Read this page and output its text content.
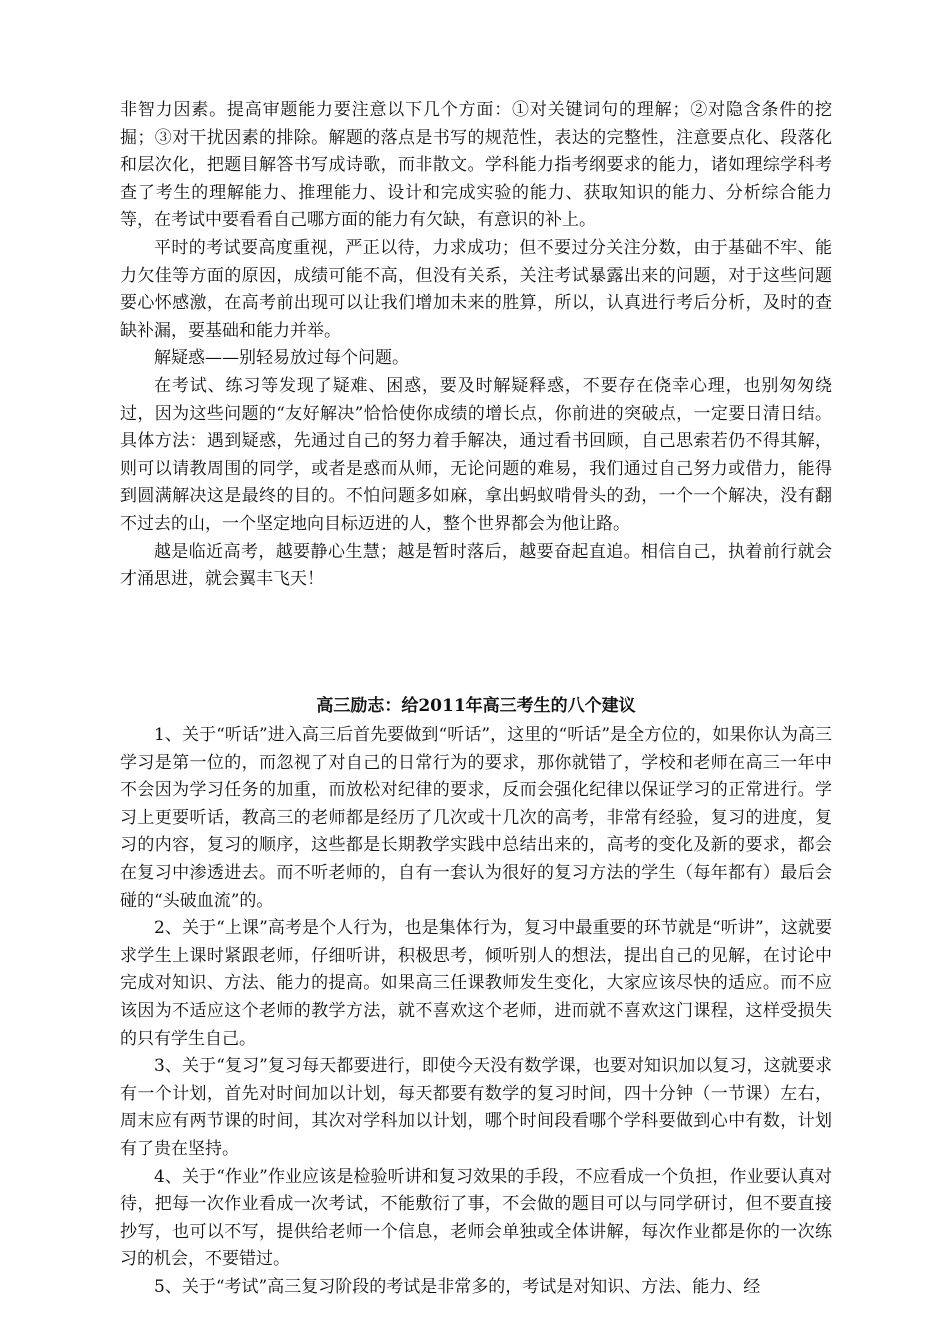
非智力因素。提高审题能力要注意以下几个方面：①对关键词句的理解；②对隐含条件的挖掘；③对干扰因素的排除。解题的落点是书写的规范性，表达的完整性，注意要点化、段落化和层次化，把题目解答书写成诗歌，而非散文。学科能力指考纲要求的能力，诸如理综学科考查了考生的理解能力、推理能力、设计和完成实验的能力、获取知识的能力、分析综合能力等，在考试中要看看自己哪方面的能力有欠缺，有意识的补上。

平时的考试要高度重视，严正以待，力求成功；但不要过分关注分数，由于基础不牢、能力欠佳等方面的原因，成绩可能不高，但没有关系，关注考试暴露出来的问题，对于这些问题要心怀感激，在高考前出现可以让我们增加未来的胜算，所以，认真进行考后分析，及时的查缺补漏，要基础和能力并举。

解疑惑——别轻易放过每个问题。

在考试、练习等发现了疑难、困惑，要及时解疑释惑，不要存在侥幸心理，也别匆匆绕过，因为这些问题的“友好解决”恰恰使你成绩的增长点，你前进的突破点，一定要日清日结。具体方法：遇到疑惑，先通过自己的努力着手解决，通过看书回顾，自己思索若仍不得其解，则可以请教周围的同学，或者是惑而从师，无论问题的难易，我们通过自己努力或借力，能得到圆满解决这是最终的目的。不怕问题多如麻，拿出蚂蚁啃骨头的劲，一个一个解决，没有翻不过去的山，一个坚定地向目标迈进的人，整个世界都会为他让路。

越是临近高考，越要静心生慧；越是暂时落后，越要奋起直追。相信自己，执着前行就会才涌思进，就会翼丰飞天！

高三励志：给2011年高三考生的八个建议

1、关于“听话”进入高三后首先要做到“听话”，这里的“听话”是全方位的，如果你认为高三学习是第一位的，而忽视了对自己的日常行为的要求，那你就错了，学校和老师在高三一年中不会因为学习任务的加重，而放松对纪律的要求，反而会强化纪律以保证学习的正常进行。学习上更要听话，教高三的老师都是经历了几次或十几次的高考，非常有经验，复习的进度，复习的内容，复习的顺序，这些都是长期教学实践中总结出来的，高考的变化及新的要求，都会在复习中渗透进去。而不听老师的，自有一套认为很好的复习方法的学生（每年都有）最后会碰的“头破血流”的。

2、关于“上课”高考是个人行为，也是集体行为，复习中最重要的环节就是“听讲”，这就要求学生上课时紧跟老师，仔细听讲，积极思考，倾听别人的想法，提出自己的见解，在讨论中完成对知识、方法、能力的提高。如果高三任课教师发生变化，大家应该尽快的适应。而不应该因为不适应这个老师的教学方法，就不喜欢这个老师，进而就不喜欢这门课程，这样受损失的只有学生自己。

3、关于“复习”复习每天都要进行，即使今天没有数学课，也要对知识加以复习，这就要求有一个计划，首先对时间加以计划，每天都要有数学的复习时间，四十分钟（一节课）左右，周末应有两节课的时间，其次对学科加以计划，哪个时间段看哪个学科要做到心中有数，计划有了贵在坚持。

4、关于“作业”作业应该是检验听讲和复习效果的手段，不应看成一个负担，作业要认真对待，把每一次作业看成一次考试，不能敷衍了事，不会做的题目可以与同学研讨，但不要直接抄写，也可以不写，提供给老师一个信息，老师会单独或全体讲解，每次作业都是你的一次练习的机会，不要错过。

5、关于“考试”高三复习阶段的考试是非常多的，考试是对知识、方法、能力、经
